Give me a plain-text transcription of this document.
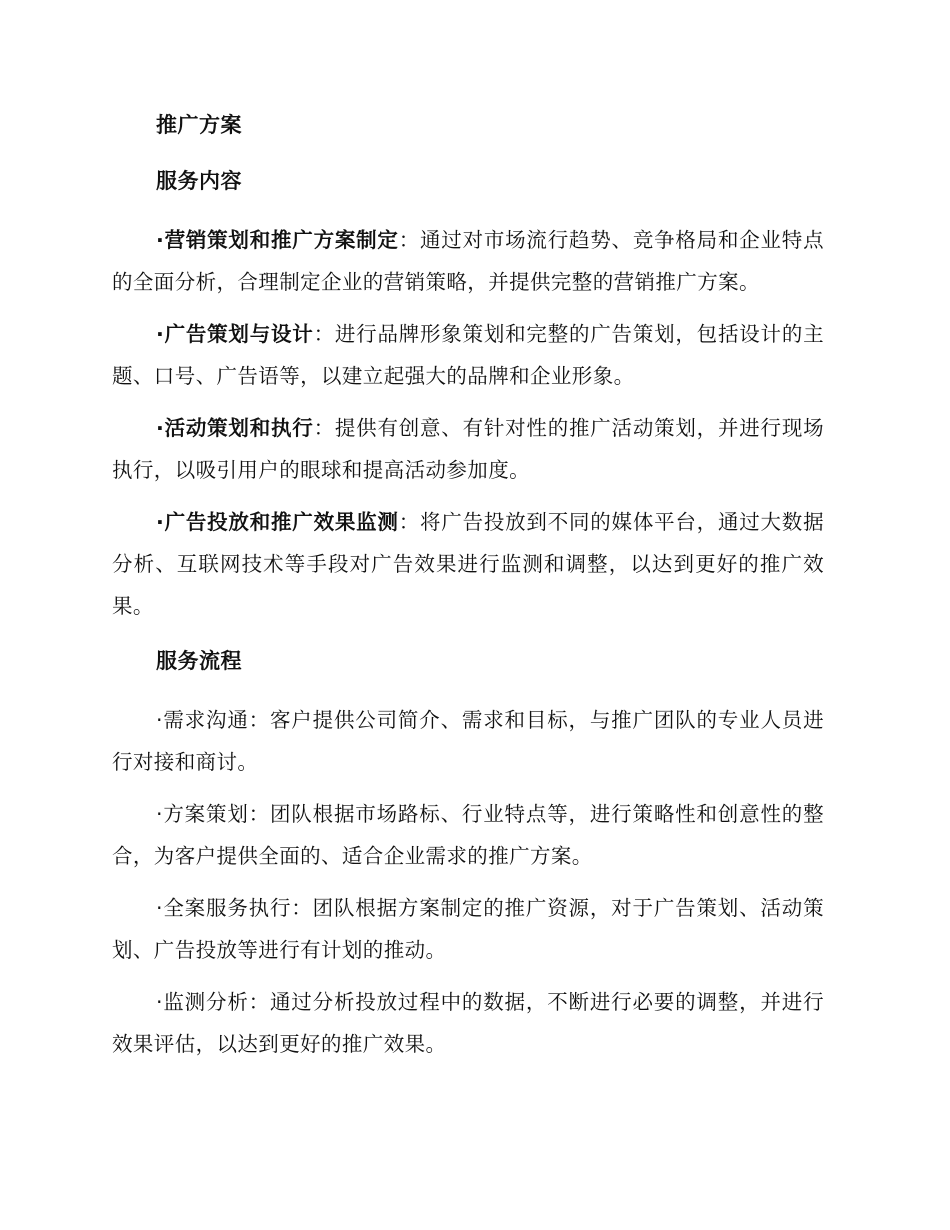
推广方案
服务内容

·营销策划和推广方案制定：通过对市场流行趋势、竞争格局和企业特点的全面分析，合理制定企业的营销策略，并提供完整的营销推广方案。

·广告策划与设计：进行品牌形象策划和完整的广告策划，包括设计的主题、口号、广告语等，以建立起强大的品牌和企业形象。

·活动策划和执行：提供有创意、有针对性的推广活动策划，并进行现场执行，以吸引用户的眼球和提高活动参加度。

·广告投放和推广效果监测：将广告投放到不同的媒体平台，通过大数据分析、互联网技术等手段对广告效果进行监测和调整，以达到更好的推广效果。

服务流程

·需求沟通：客户提供公司简介、需求和目标，与推广团队的专业人员进行对接和商讨。

·方案策划：团队根据市场路标、行业特点等，进行策略性和创意性的整合，为客户提供全面的、适合企业需求的推广方案。

·全案服务执行：团队根据方案制定的推广资源，对于广告策划、活动策划、广告投放等进行有计划的推动。

·监测分析：通过分析投放过程中的数据，不断进行必要的调整，并进行效果评估，以达到更好的推广效果。
